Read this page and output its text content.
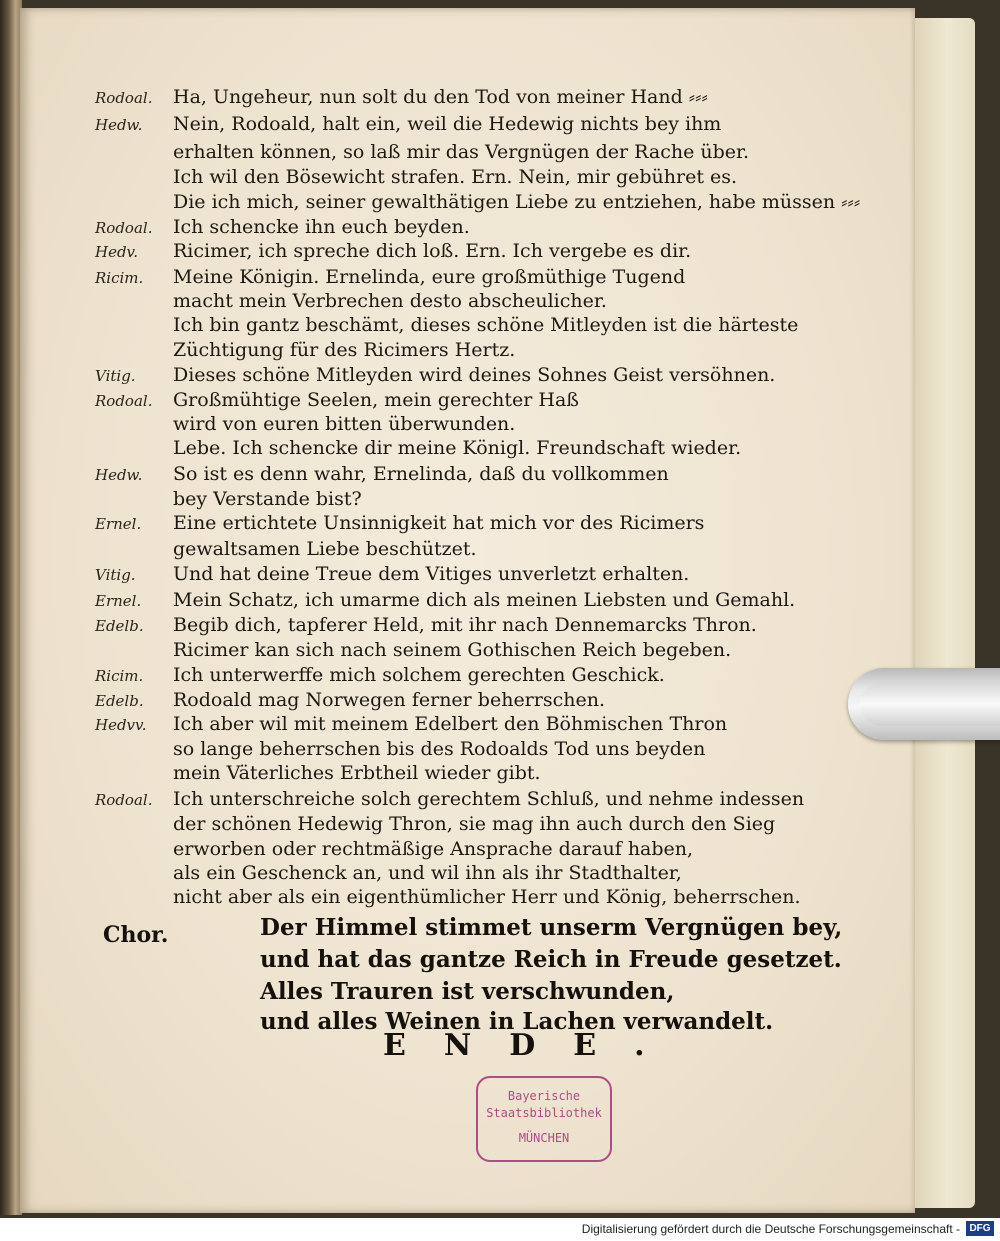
Rodoal. Ha, Ungeheur, nun solt du den Tod von meiner Hand ⸗⸗⸗
Hedw. Nein, Rodoald, halt ein, weil die Hedewig nichts bey ihm
erhalten können, so laß mir das Vergnügen der Rache über.
Ich wil den Bösewicht strafen. Ern. Nein, mir gebühret es.
Die ich mich, seiner gewalthätigen Liebe zu entziehen, habe müssen ⸗⸗⸗
Rodoal. Ich schencke ihn euch beyden.
Hedv. Ricimer, ich spreche dich loß. Ern. Ich vergebe es dir.
Ricim. Meine Königin. Ernelinda, eure großmüthige Tugend
macht mein Verbrechen desto abscheulicher.
Ich bin gantz beschämt, dieses schöne Mitleyden ist die härteste
Züchtigung für des Ricimers Hertz.
Vitig. Dieses schöne Mitleyden wird deines Sohnes Geist versöhnen.
Rodoal. Großmühtige Seelen, mein gerechter Haß
wird von euren bitten überwunden.
Lebe. Ich schencke dir meine Königl. Freundschaft wieder.
Hedw. So ist es denn wahr, Ernelinda, daß du vollkommen
bey Verstande bist?
Ernel. Eine ertichtete Unsinnigkeit hat mich vor des Ricimers
gewaltsamen Liebe beschützet.
Vitig. Und hat deine Treue dem Vitiges unverletzt erhalten.
Ernel. Mein Schatz, ich umarme dich als meinen Liebsten und Gemahl.
Edelb. Begib dich, tapferer Held, mit ihr nach Dennemarcks Thron.
Ricimer kan sich nach seinem Gothischen Reich begeben.
Ricim. Ich unterwerffe mich solchem gerechten Geschick.
Edelb. Rodoald mag Norwegen ferner beherrschen.
Hedvv. Ich aber wil mit meinem Edelbert den Böhmischen Thron
so lange beherrschen bis des Rodoalds Tod uns beyden
mein Väterliches Erbtheil wieder gibt.
Rodoal. Ich unterschreiche solch gerechtem Schluß, und nehme indessen
der schönen Hedewig Thron, sie mag ihn auch durch den Sieg
erworben oder rechtmäßige Ansprache darauf haben,
als ein Geschenck an, und wil ihn als ihr Stadthalter,
nicht aber als ein eigenthümlicher Herr und König, beherrschen.
Chor.	Der Himmel stimmet unserm Vergnügen bey,
und hat das gantze Reich in Freude gesetzet.
Alles Trauren ist verschwunden,
und alles Weinen in Lachen verwandelt.
ENDE.
Bayerische
Staatsbibliothek
MÜNCHEN
Digitalisierung gefördert durch die Deutsche Forschungsgemeinschaft - DFG
